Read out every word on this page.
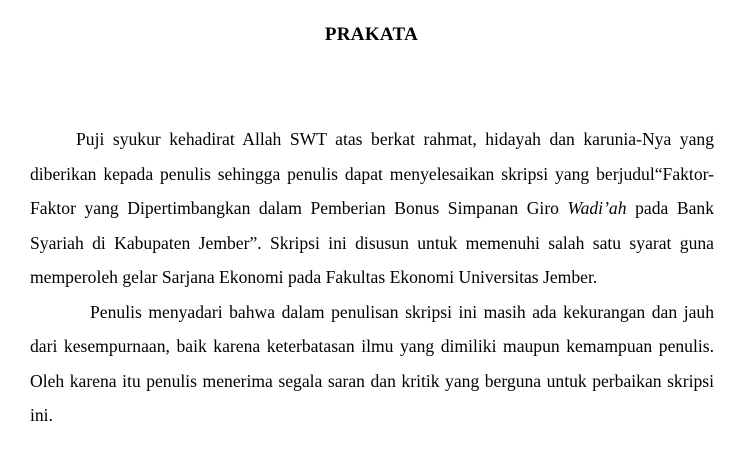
PRAKATA

Puji syukur kehadirat Allah SWT atas berkat rahmat, hidayah dan karunia-Nya yang diberikan kepada penulis sehingga penulis dapat menyelesaikan skripsi yang berjudul“Faktor-Faktor yang Dipertimbangkan dalam Pemberian Bonus Simpanan Giro Wadi’ah pada Bank Syariah di Kabupaten Jember”. Skripsi ini disusun untuk memenuhi salah satu syarat guna memperoleh gelar Sarjana Ekonomi pada Fakultas Ekonomi Universitas Jember.

Penulis menyadari bahwa dalam penulisan skripsi ini masih ada kekurangan dan jauh dari kesempurnaan, baik karena keterbatasan ilmu yang dimiliki maupun kemampuan penulis. Oleh karena itu penulis menerima segala saran dan kritik yang berguna untuk perbaikan skripsi ini.
